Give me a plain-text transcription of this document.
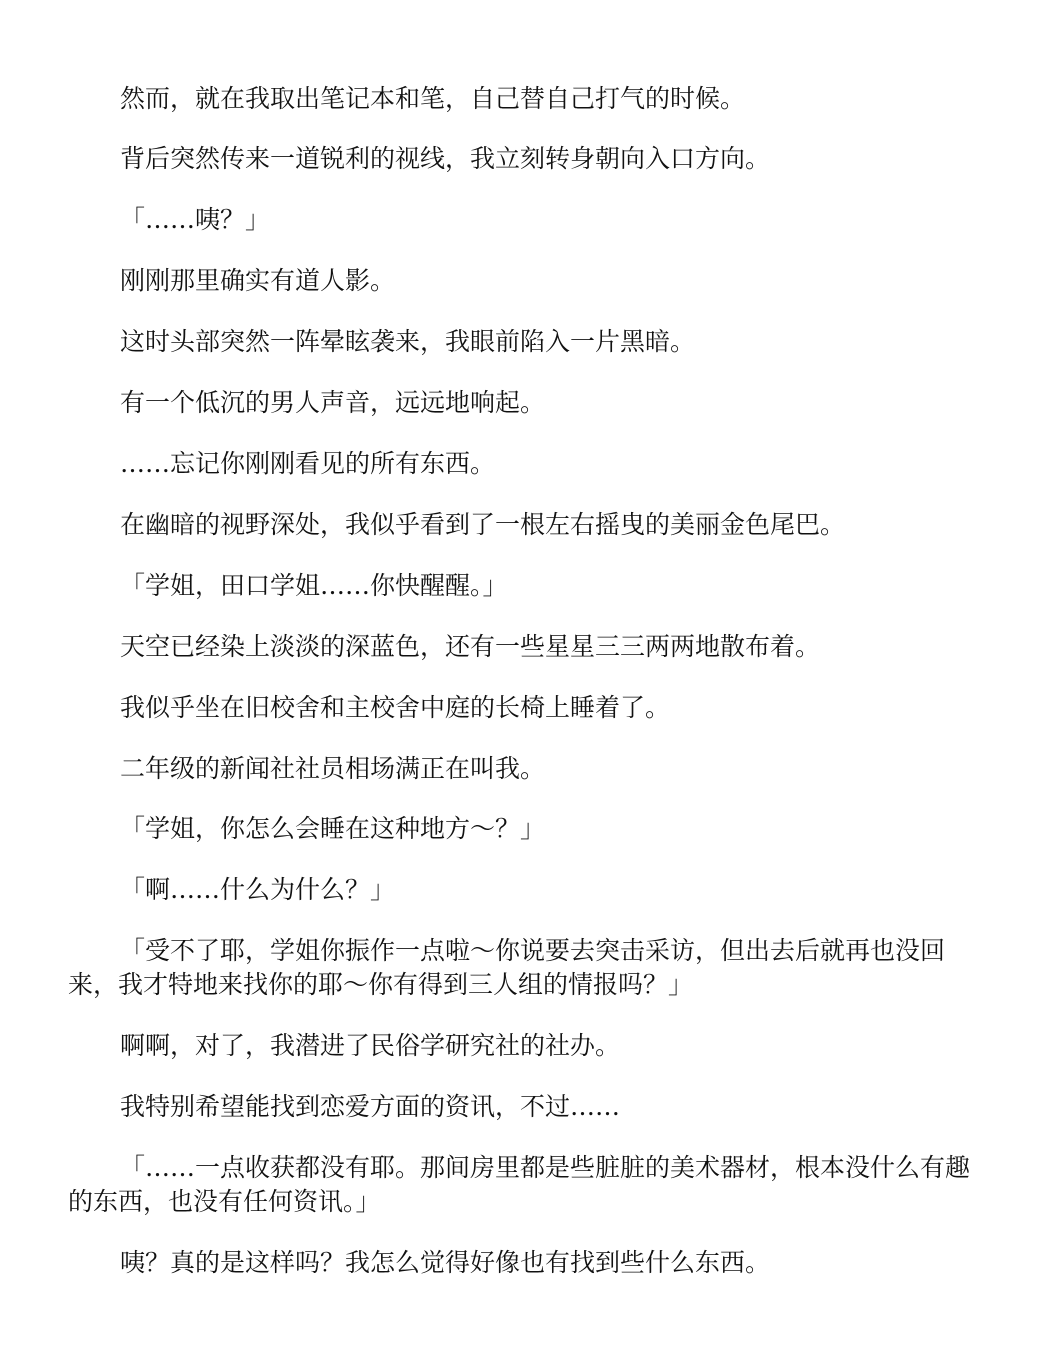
然而，就在我取出笔记本和笔，自己替自己打气的时候。

背后突然传来一道锐利的视线，我立刻转身朝向入口方向。

「……咦？」

刚刚那里确实有道人影。

这时头部突然一阵晕眩袭来，我眼前陷入一片黑暗。

有一个低沉的男人声音，远远地响起。

……忘记你刚刚看见的所有东西。

在幽暗的视野深处，我似乎看到了一根左右摇曳的美丽金色尾巴。

「学姐，田口学姐……你快醒醒。」

天空已经染上淡淡的深蓝色，还有一些星星三三两两地散布着。

我似乎坐在旧校舍和主校舍中庭的长椅上睡着了。

二年级的新闻社社员相场满正在叫我。

「学姐，你怎么会睡在这种地方～？」

「啊……什么为什么？」

「受不了耶，学姐你振作一点啦～你说要去突击采访，但出去后就再也没回来，我才特地来找你的耶～你有得到三人组的情报吗？」

啊啊，对了，我潜进了民俗学研究社的社办。

我特别希望能找到恋爱方面的资讯，不过……

「……一点收获都没有耶。那间房里都是些脏脏的美术器材，根本没什么有趣的东西，也没有任何资讯。」

咦？真的是这样吗？我怎么觉得好像也有找到些什么东西。
